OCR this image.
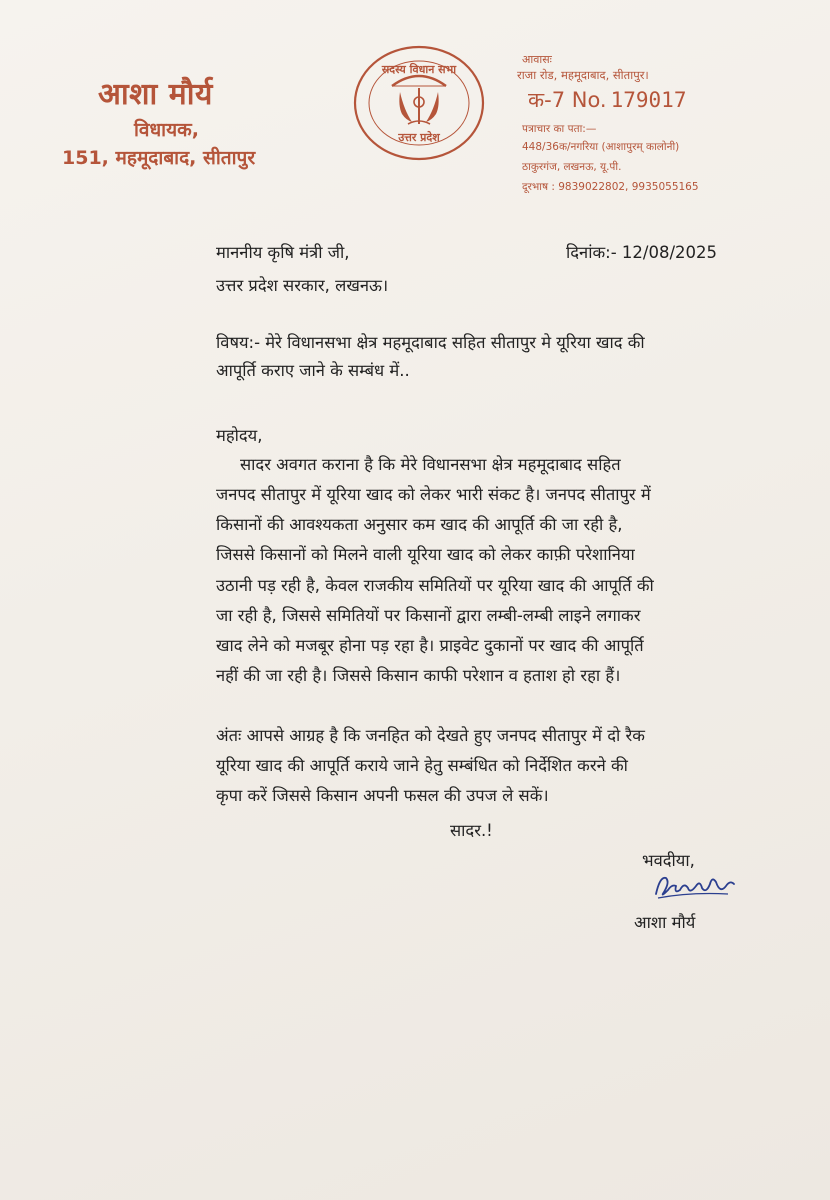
आशा मौर्य
विधायक,
151, महमूदाबाद, सीतापुर
सदस्य विधान सभा
उत्तर प्रदेश
आवासः
राजा रोड, महमूदाबाद, सीतापुर।
क-7 No. 179017
पत्राचार का पता:—
448/36क/नगरिया (आशापुरम् कालोनी)
ठाकुरगंज, लखनऊ, यू.पी.
दूरभाष : 9839022802, 9935055165
माननीय कृषि मंत्री जी,	दिनांक:- 12/08/2025
उत्तर प्रदेश सरकार, लखनऊ।
विषय:- मेरे विधानसभा क्षेत्र महमूदाबाद सहित सीतापुर मे यूरिया खाद की
आपूर्ति कराए जाने के सम्बंध में..
महोदय,
सादर अवगत कराना है कि मेरे विधानसभा क्षेत्र महमूदाबाद सहित
जनपद सीतापुर में यूरिया खाद को लेकर भारी संकट है। जनपद सीतापुर में
किसानों की आवश्यकता अनुसार कम खाद की आपूर्ति की जा रही है,
जिससे किसानों को मिलने वाली यूरिया खाद को लेकर काफ़ी परेशानिया
उठानी पड़ रही है, केवल राजकीय समितियों पर यूरिया खाद की आपूर्ति की
जा रही है, जिससे समितियों पर किसानों द्वारा लम्बी-लम्बी लाइने लगाकर
खाद लेने को मजबूर होना पड़ रहा है। प्राइवेट दुकानों पर खाद की आपूर्ति
नहीं की जा रही है। जिससे किसान काफी परेशान व हताश हो रहा हैं।
अंतः आपसे आग्रह है कि जनहित को देखते हुए जनपद सीतापुर में दो रैक
यूरिया खाद की आपूर्ति कराये जाने हेतु सम्बंधित को निर्देशित करने की
कृपा करें जिससे किसान अपनी फसल की उपज ले सकें।
सादर.!
भवदीया,
आशा मौर्य
